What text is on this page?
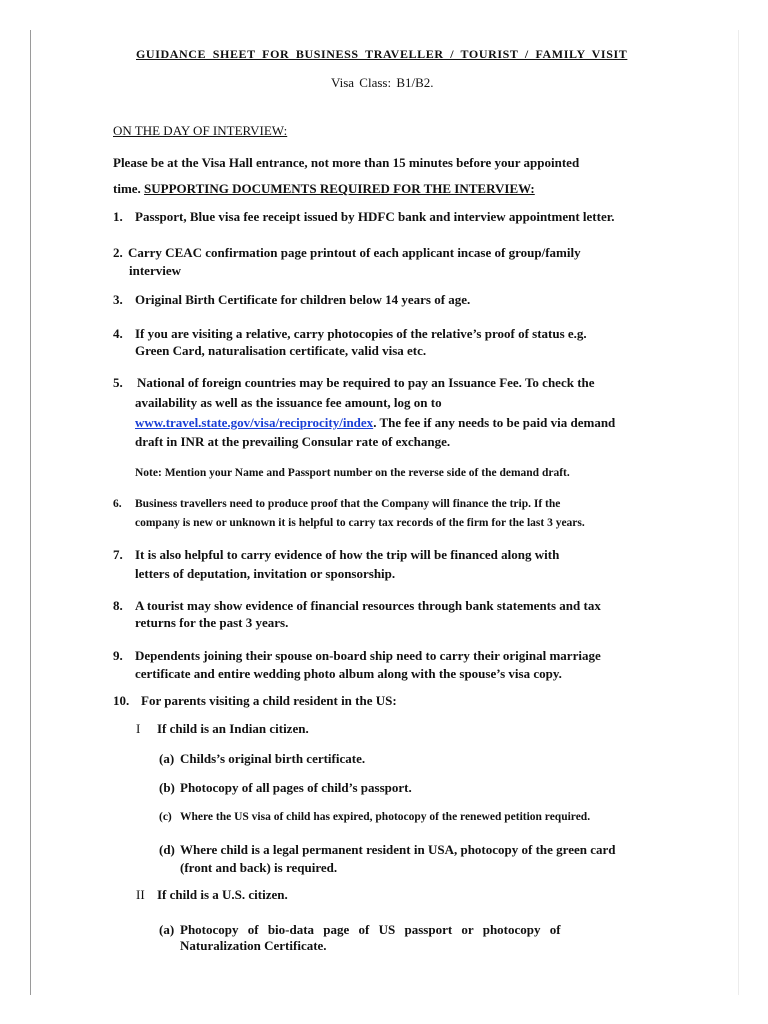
GUIDANCE SHEET FOR BUSINESS TRAVELLER / TOURIST / FAMILY VISIT
Visa Class: B1/B2.
ON THE DAY OF INTERVIEW:
Please be at the Visa Hall entrance, not more than 15 minutes before your appointed
time. SUPPORTING DOCUMENTS REQUIRED FOR THE INTERVIEW:
1. Passport, Blue visa fee receipt issued by HDFC bank and interview appointment letter.
2. Carry CEAC confirmation page printout of each applicant incase of group/family
interview
3. Original Birth Certificate for children below 14 years of age.
4. If you are visiting a relative, carry photocopies of the relative’s proof of status e.g.
Green Card, naturalisation certificate, valid visa etc.
5. National of foreign countries may be required to pay an Issuance Fee. To check the
availability as well as the issuance fee amount, log on to
www.travel.state.gov/visa/reciprocity/index. The fee if any needs to be paid via demand
draft in INR at the prevailing Consular rate of exchange.
Note: Mention your Name and Passport number on the reverse side of the demand draft.
6. Business travellers need to produce proof that the Company will finance the trip. If the
company is new or unknown it is helpful to carry tax records of the firm for the last 3 years.
7. It is also helpful to carry evidence of how the trip will be financed along with
letters of deputation, invitation or sponsorship.
8. A tourist may show evidence of financial resources through bank statements and tax
returns for the past 3 years.
9. Dependents joining their spouse on-board ship need to carry their original marriage
certificate and entire wedding photo album along with the spouse’s visa copy.
10. For parents visiting a child resident in the US:
I If child is an Indian citizen.
(a) Childs’s original birth certificate.
(b) Photocopy of all pages of child’s passport.
(c) Where the US visa of child has expired, photocopy of the renewed petition required.
(d) Where child is a legal permanent resident in USA, photocopy of the green card
(front and back) is required.
II If child is a U.S. citizen.
(a) Photocopy of bio-data page of US passport or photocopy of
Naturalization Certificate.
